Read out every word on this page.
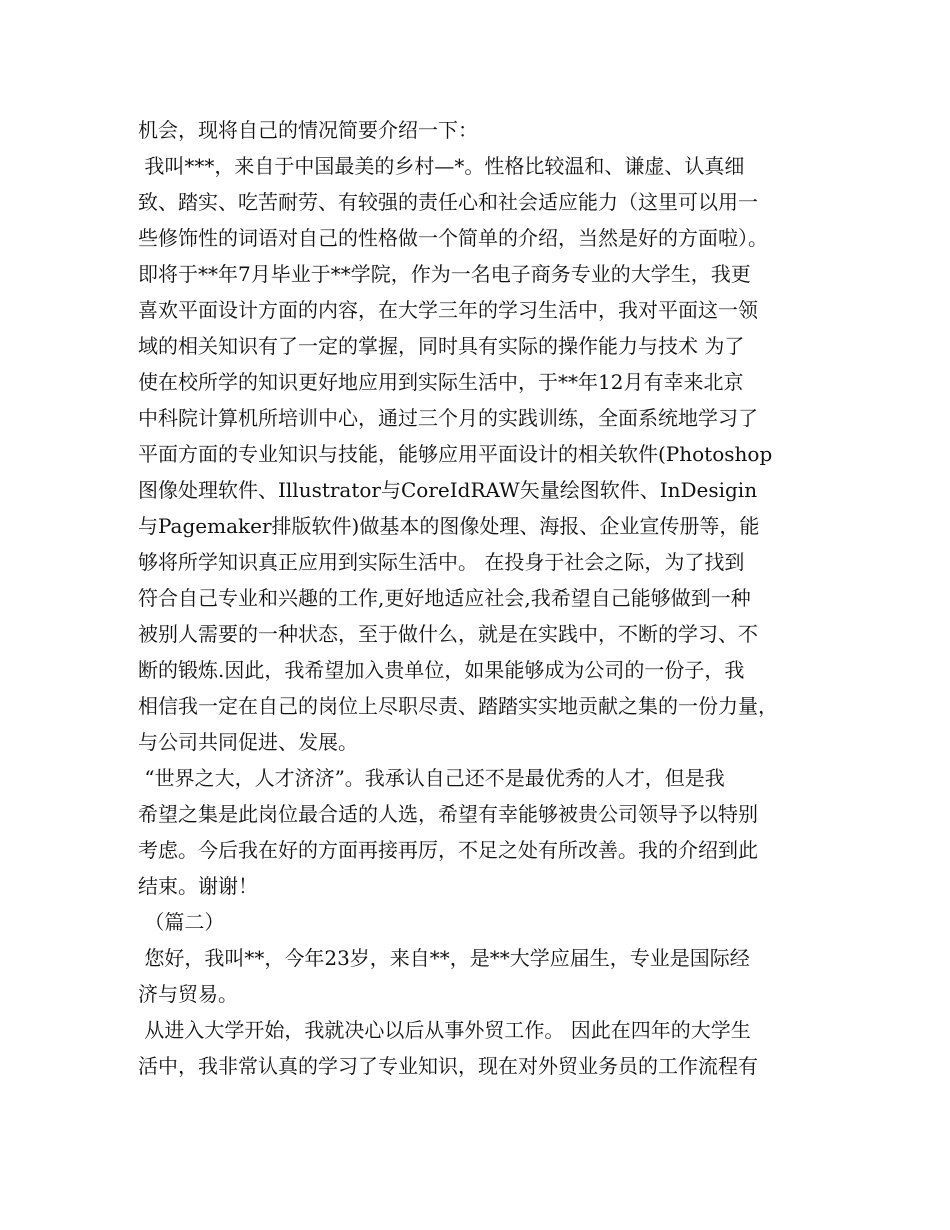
机会，现将自己的情况简要介绍一下：
我叫***，来自于中国最美的乡村—*。性格比较温和、谦虚、认真细
致、踏实、吃苦耐劳、有较强的责任心和社会适应能力（这里可以用一
些修饰性的词语对自己的性格做一个简单的介绍，当然是好的方面啦）。
即将于**年7月毕业于**学院，作为一名电子商务专业的大学生，我更
喜欢平面设计方面的内容，在大学三年的学习生活中，我对平面这一领
域的相关知识有了一定的掌握，同时具有实际的操作能力与技术 为了
使在校所学的知识更好地应用到实际生活中，于**年12月有幸来北京
中科院计算机所培训中心，通过三个月的实践训练，全面系统地学习了
平面方面的专业知识与技能，能够应用平面设计的相关软件(Photoshop
图像处理软件、Illustrator与CoreIdRAW矢量绘图软件、InDesigin
与Pagemaker排版软件)做基本的图像处理、海报、企业宣传册等，能
够将所学知识真正应用到实际生活中。 在投身于社会之际，为了找到
符合自己专业和兴趣的工作,更好地适应社会,我希望自己能够做到一种
被别人需要的一种状态，至于做什么，就是在实践中，不断的学习、不
断的锻炼.因此，我希望加入贵单位，如果能够成为公司的一份子，我
相信我一定在自己的岗位上尽职尽责、踏踏实实地贡献之集的一份力量，
与公司共同促进、发展。
“世界之大，人才济济”。我承认自己还不是最优秀的人才，但是我
希望之集是此岗位最合适的人选，希望有幸能够被贵公司领导予以特别
考虑。今后我在好的方面再接再厉，不足之处有所改善。我的介绍到此
结束。谢谢！
（篇二）
您好，我叫**，今年23岁，来自**，是**大学应届生，专业是国际经
济与贸易。
从进入大学开始，我就决心以后从事外贸工作。 因此在四年的大学生
活中，我非常认真的学习了专业知识，现在对外贸业务员的工作流程有
